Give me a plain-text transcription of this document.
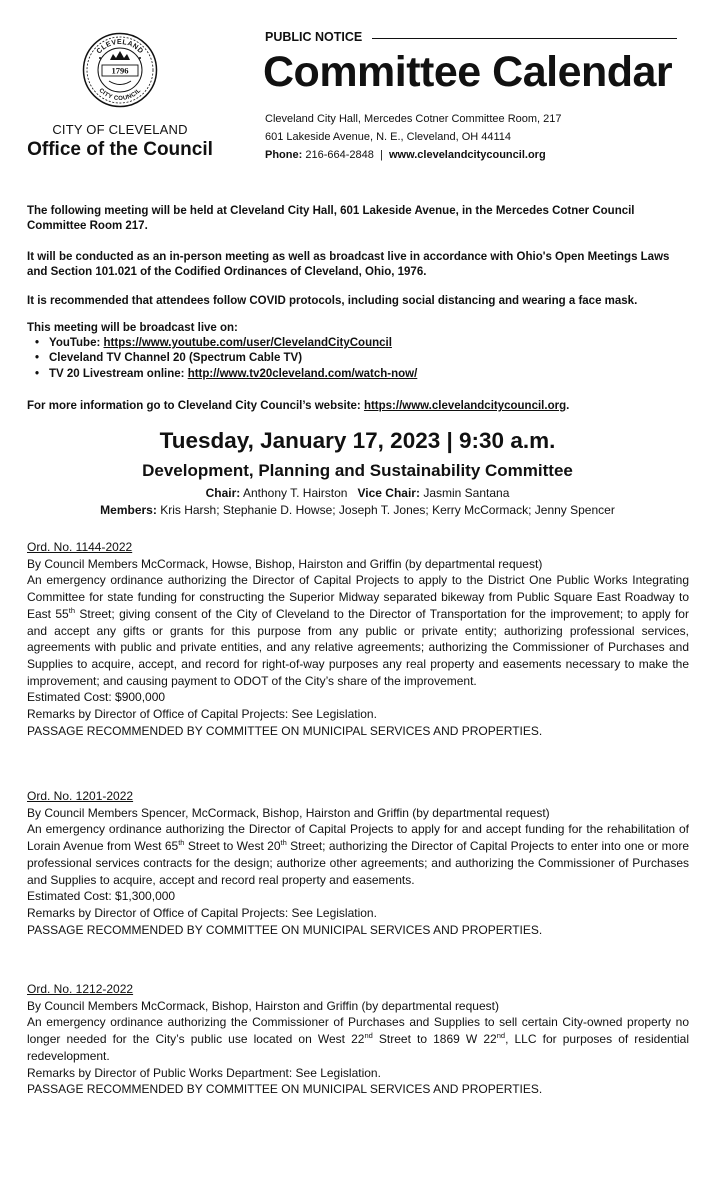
CLEVELAND
CITY COUNCIL
1796
CITY OF CLEVELAND
Office of the Council
PUBLIC NOTICE
Committee Calendar
Cleveland City Hall, Mercedes Cotner Committee Room, 217
601 Lakeside Avenue, N. E., Cleveland, OH 44114
Phone: 216-664-2848 | www.clevelandcitycouncil.org
The following meeting will be held at Cleveland City Hall, 601 Lakeside Avenue, in the Mercedes Cotner Council Committee Room 217.
It will be conducted as an in-person meeting as well as broadcast live in accordance with Ohio's Open Meetings Laws and Section 101.021 of the Codified Ordinances of Cleveland, Ohio, 1976.
It is recommended that attendees follow COVID protocols, including social distancing and wearing a face mask.
This meeting will be broadcast live on:
• YouTube: https://www.youtube.com/user/ClevelandCityCouncil
• Cleveland TV Channel 20 (Spectrum Cable TV)
• TV 20 Livestream online: http://www.tv20cleveland.com/watch-now/
For more information go to Cleveland City Council’s website: https://www.clevelandcitycouncil.org.
Tuesday, January 17, 2023 | 9:30 a.m.
Development, Planning and Sustainability Committee
Chair: Anthony T. Hairston Vice Chair: Jasmin Santana
Members: Kris Harsh; Stephanie D. Howse; Joseph T. Jones; Kerry McCormack; Jenny Spencer

Ord. No. 1144-2022

By Council Members McCormack, Howse, Bishop, Hairston and Griffin (by departmental request)

An emergency ordinance authorizing the Director of Capital Projects to apply to the District One Public Works Integrating Committee for state funding for constructing the Superior Midway separated bikeway from Public Square East Roadway to East 55th Street; giving consent of the City of Cleveland to the Director of Transportation for the improvement; to apply for and accept any gifts or grants for this purpose from any public or private entity; authorizing professional services, agreements with public and private entities, and any relative agreements; authorizing the Commissioner of Purchases and Supplies to acquire, accept, and record for right-of-way purposes any real property and easements necessary to make the improvement; and causing payment to ODOT of the City’s share of the improvement.

Estimated Cost: $900,000

Remarks by Director of Office of Capital Projects: See Legislation.

PASSAGE RECOMMENDED BY COMMITTEE ON MUNICIPAL SERVICES AND PROPERTIES.

Ord. No. 1201-2022

By Council Members Spencer, McCormack, Bishop, Hairston and Griffin (by departmental request)

An emergency ordinance authorizing the Director of Capital Projects to apply for and accept funding for the rehabilitation of Lorain Avenue from West 65th Street to West 20th Street; authorizing the Director of Capital Projects to enter into one or more professional services contracts for the design; authorize other agreements; and authorizing the Commissioner of Purchases and Supplies to acquire, accept and record real property and easements.

Estimated Cost: $1,300,000

Remarks by Director of Office of Capital Projects: See Legislation.

PASSAGE RECOMMENDED BY COMMITTEE ON MUNICIPAL SERVICES AND PROPERTIES.

Ord. No. 1212-2022

By Council Members McCormack, Bishop, Hairston and Griffin (by departmental request)

An emergency ordinance authorizing the Commissioner of Purchases and Supplies to sell certain City-owned property no longer needed for the City’s public use located on West 22nd Street to 1869 W 22nd, LLC for purposes of residential redevelopment.

Remarks by Director of Public Works Department: See Legislation.

PASSAGE RECOMMENDED BY COMMITTEE ON MUNICIPAL SERVICES AND PROPERTIES.
